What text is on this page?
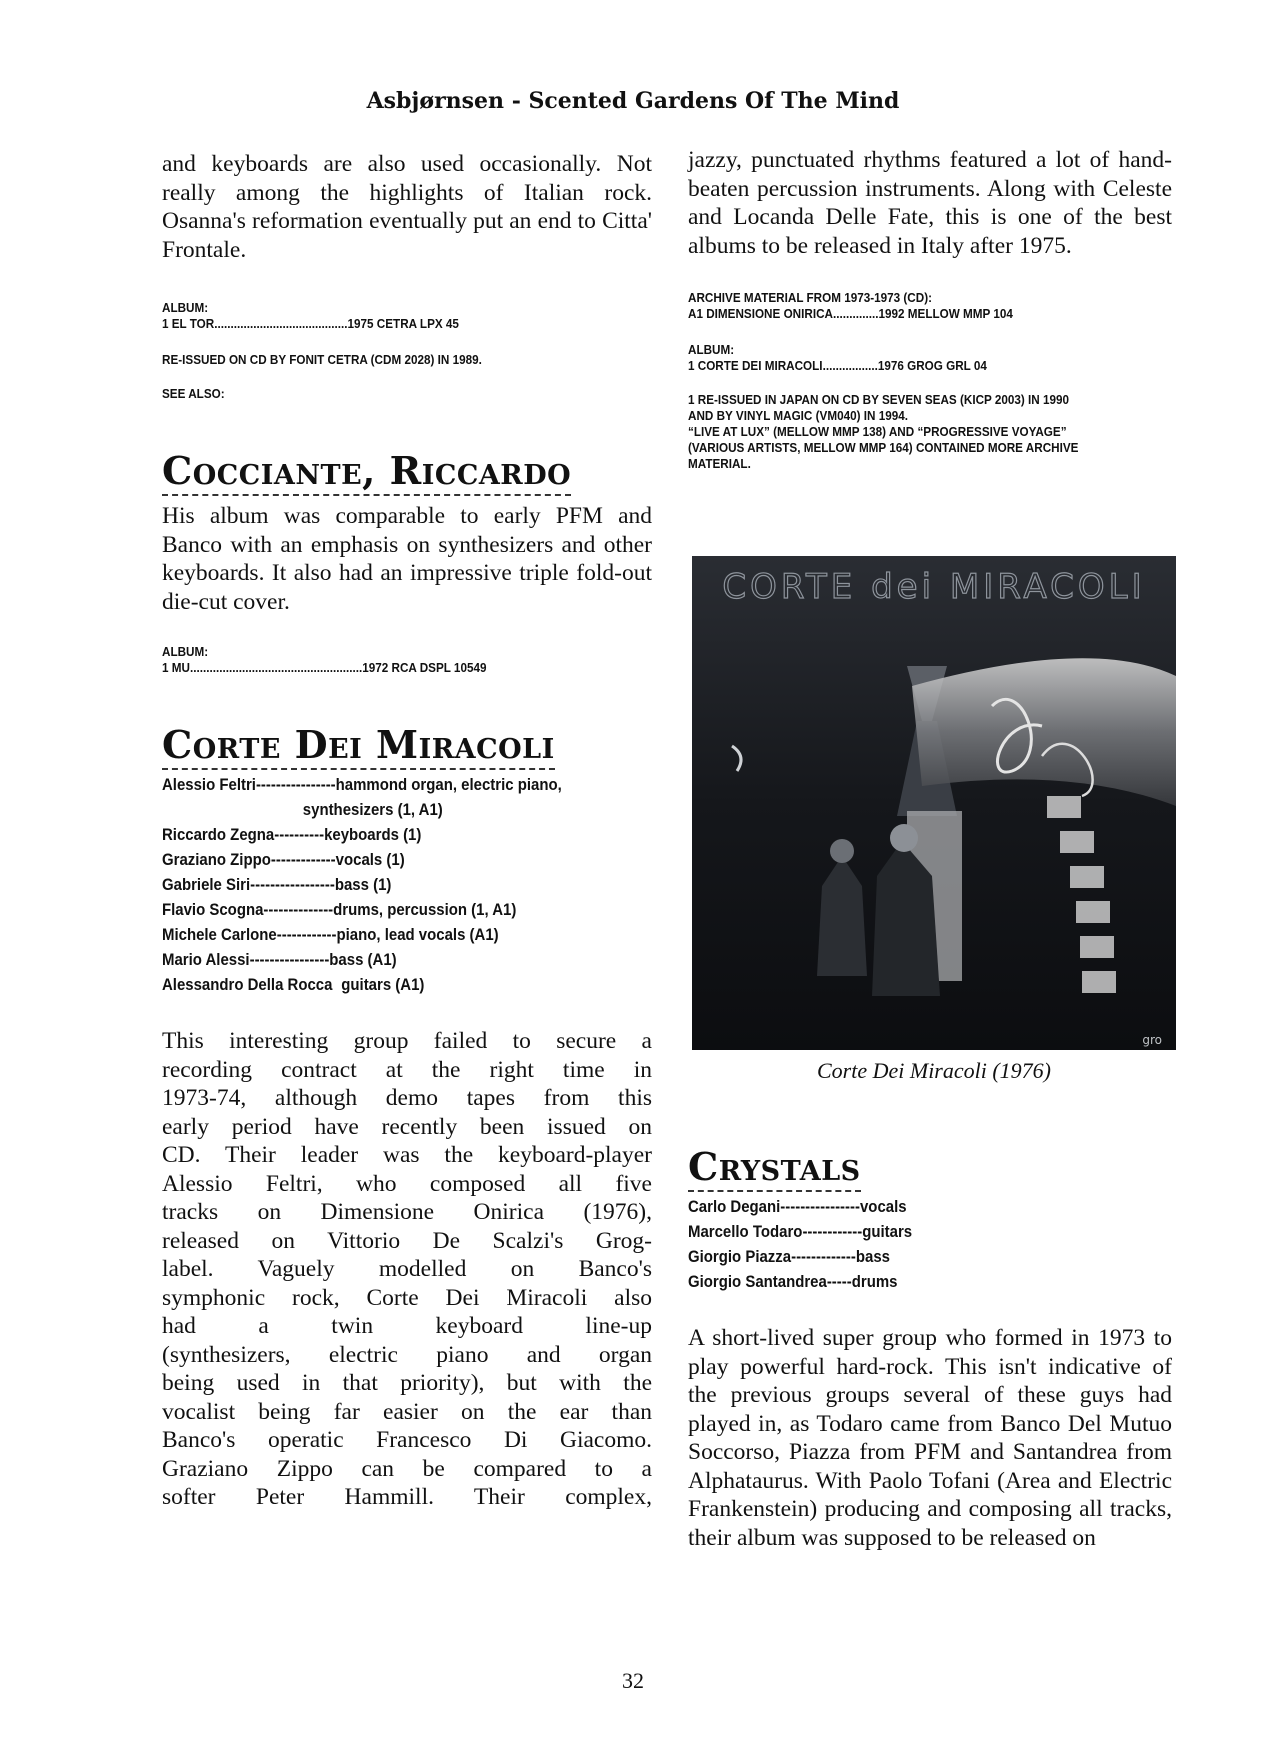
Asbjørnsen - Scented Gardens Of The Mind

and keyboards are also used occasionally. Not really among the highlights of Italian rock. Osanna's reformation eventually put an end to Citta' Frontale.

ALBUM:

1 EL TOR.........................................1975 CETRA LPX 45

RE-ISSUED ON CD BY FONIT CETRA (CDM 2028) IN 1989.

SEE ALSO:

Cocciante, Riccardo

His album was comparable to early PFM and Banco with an emphasis on synthesizers and other keyboards. It also had an impressive triple fold-out die-cut cover.

ALBUM:

1 MU.....................................................1972 RCA DSPL 10549

Corte Dei Miracoli

Alessio Feltri----------------hammond organ, electric piano,

synthesizers (1, A1)

Riccardo Zegna----------keyboards (1)

Graziano Zippo-------------vocals (1)

Gabriele Siri-----------------bass (1)

Flavio Scogna--------------drums, percussion (1, A1)

Michele Carlone------------piano, lead vocals (A1)

Mario Alessi----------------bass (A1)

Alessandro Della Rocca guitars (A1)

This interesting group failed to secure a
recording contract at the right time in
1973-74, although demo tapes from this
early period have recently been issued on
CD. Their leader was the keyboard-player
Alessio Feltri, who composed all five
tracks on Dimensione Onirica (1976),
released on Vittorio De Scalzi's Grog-
label. Vaguely modelled on Banco's
symphonic rock, Corte Dei Miracoli also
had a twin keyboard line-up
(synthesizers, electric piano and organ
being used in that priority), but with the
vocalist being far easier on the ear than
Banco's operatic Francesco Di Giacomo.
Graziano Zippo can be compared to a
softer Peter Hammill. Their complex,

jazzy, punctuated rhythms featured a lot of hand-beaten percussion instruments. Along with Celeste and Locanda Delle Fate, this is one of the best albums to be released in Italy after 1975.

ARCHIVE MATERIAL FROM 1973-1973 (CD):

A1 DIMENSIONE ONIRICA..............1992 MELLOW MMP 104

ALBUM:

1 CORTE DEI MIRACOLI.................1976 GROG GRL 04

1 RE-ISSUED IN JAPAN ON CD BY SEVEN SEAS (KICP 2003) IN 1990

AND BY VINYL MAGIC (VM040) IN 1994.

“LIVE AT LUX” (MELLOW MMP 138) AND “PROGRESSIVE VOYAGE”

(VARIOUS ARTISTS, MELLOW MMP 164) CONTAINED MORE ARCHIVE

MATERIAL.

CORTE dei MIRACOLI
gro
Corte Dei Miracoli (1976)
Crystals

Carlo Degani----------------vocals

Marcello Todaro------------guitars

Giorgio Piazza-------------bass

Giorgio Santandrea-----drums

A short-lived super group who formed in 1973 to play powerful hard-rock. This isn't indicative of the previous groups several of these guys had played in, as Todaro came from Banco Del Mutuo Soccorso, Piazza from PFM and Santandrea from Alphataurus. With Paolo Tofani (Area and Electric Frankenstein) producing and composing all tracks, their album was supposed to be released on

32
